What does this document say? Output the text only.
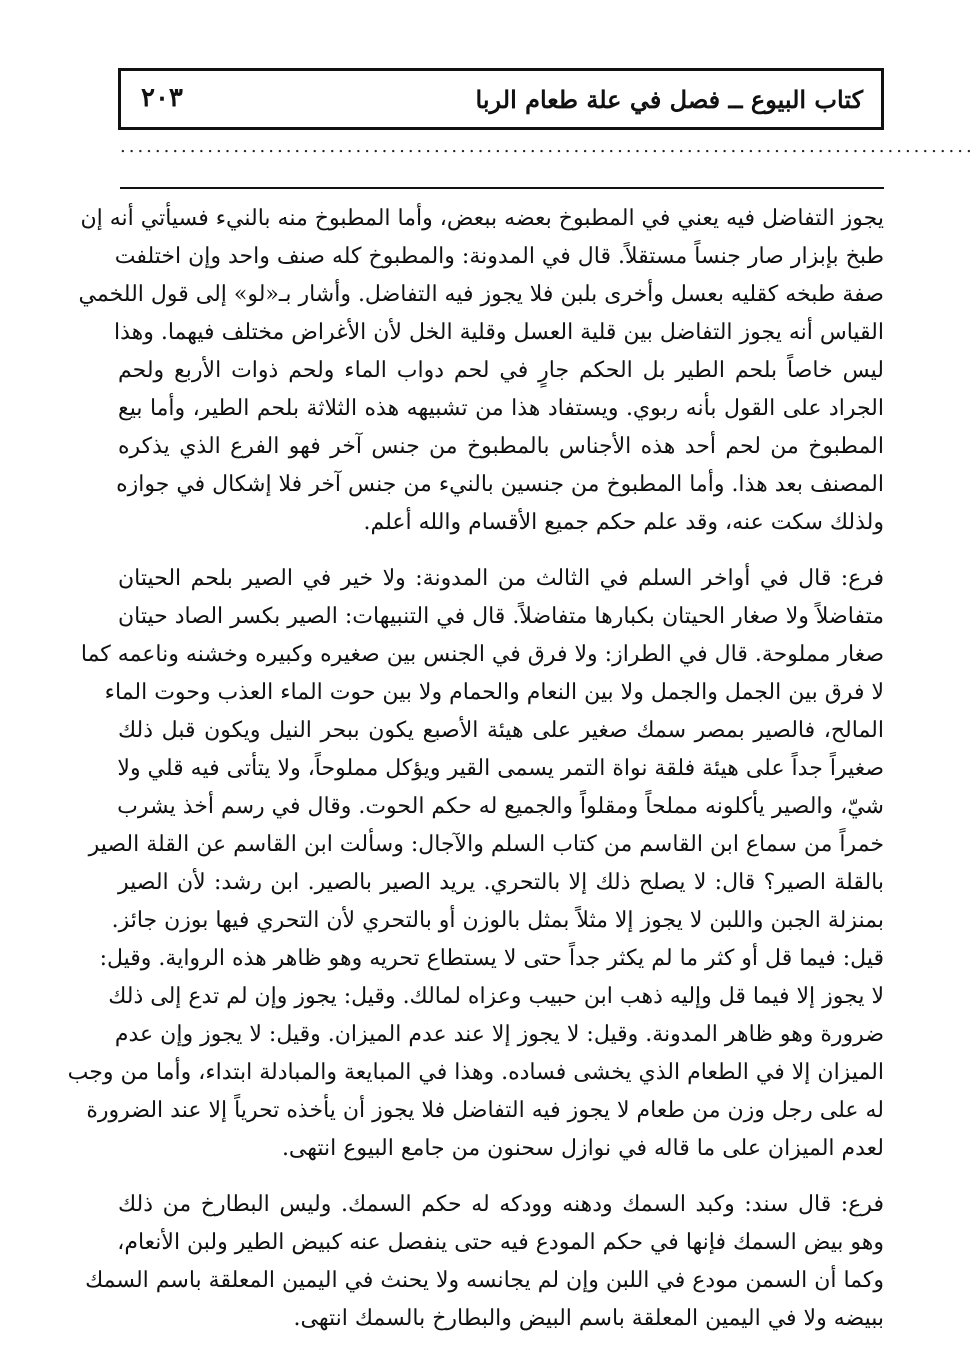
كتاب البيوع ــ فصل في علة طعام الربا
٢٠٣
..................................................................................................
يجوز التفاضل فيه يعني في المطبوخ بعضه ببعض، وأما المطبوخ منه بالنيء فسيأتي أنه إن
طبخ بإبزار صار جنساً مستقلاً. قال في المدونة: والمطبوخ كله صنف واحد وإن اختلفت
صفة طبخه كقليه بعسل وأخرى بلبن فلا يجوز فيه التفاضل. وأشار بـ«لو» إلى قول اللخمي
القياس أنه يجوز التفاضل بين قلية العسل وقلية الخل لأن الأغراض مختلف فيهما. وهذا
ليس خاصاً بلحم الطير بل الحكم جارٍ في لحم دواب الماء ولحم ذوات الأربع ولحم
الجراد على القول بأنه ربوي. ويستفاد هذا من تشبيهه هذه الثلاثة بلحم الطير، وأما بيع
المطبوخ من لحم أحد هذه الأجناس بالمطبوخ من جنس آخر فهو الفرع الذي يذكره
المصنف بعد هذا. وأما المطبوخ من جنسين بالنيء من جنس آخر فلا إشكال في جوازه
ولذلك سكت عنه، وقد علم حكم جميع الأقسام والله أعلم.
فرع: قال في أواخر السلم في الثالث من المدونة: ولا خير في الصير بلحم الحيتان
متفاضلاً ولا صغار الحيتان بكبارها متفاضلاً. قال في التنبيهات: الصير بكسر الصاد حيتان
صغار مملوحة. قال في الطراز: ولا فرق في الجنس بين صغيره وكبيره وخشنه وناعمه كما
لا فرق بين الجمل والجمل ولا بين النعام والحمام ولا بين حوت الماء العذب وحوت الماء
المالح، فالصير بمصر سمك صغير على هيئة الأصبع يكون ببحر النيل ويكون قبل ذلك
صغيراً جداً على هيئة فلقة نواة التمر يسمى القير ويؤكل مملوحاً، ولا يتأتى فيه قلي ولا
شيّ، والصير يأكلونه مملحاً ومقلواً والجميع له حكم الحوت. وقال في رسم أخذ يشرب
خمراً من سماع ابن القاسم من كتاب السلم والآجال: وسألت ابن القاسم عن القلة الصير
بالقلة الصير؟ قال: لا يصلح ذلك إلا بالتحري. يريد الصير بالصير. ابن رشد: لأن الصير
بمنزلة الجبن واللبن لا يجوز إلا مثلاً بمثل بالوزن أو بالتحري لأن التحري فيها بوزن جائز.
قيل: فيما قل أو كثر ما لم يكثر جداً حتى لا يستطاع تحريه وهو ظاهر هذه الرواية. وقيل:
لا يجوز إلا فيما قل وإليه ذهب ابن حبيب وعزاه لمالك. وقيل: يجوز وإن لم تدع إلى ذلك
ضرورة وهو ظاهر المدونة. وقيل: لا يجوز إلا عند عدم الميزان. وقيل: لا يجوز وإن عدم
الميزان إلا في الطعام الذي يخشى فساده. وهذا في المبايعة والمبادلة ابتداء، وأما من وجب
له على رجل وزن من طعام لا يجوز فيه التفاضل فلا يجوز أن يأخذه تحرياً إلا عند الضرورة
لعدم الميزان على ما قاله في نوازل سحنون من جامع البيوع انتهى.
فرع: قال سند: وكبد السمك ودهنه وودكه له حكم السمك. وليس البطارخ من ذلك
وهو بيض السمك فإنها في حكم المودع فيه حتى ينفصل عنه كبيض الطير ولبن الأنعام،
وكما أن السمن مودع في اللبن وإن لم يجانسه ولا يحنث في اليمين المعلقة باسم السمك
ببيضه ولا في اليمين المعلقة باسم البيض والبطارخ بالسمك انتهى.
